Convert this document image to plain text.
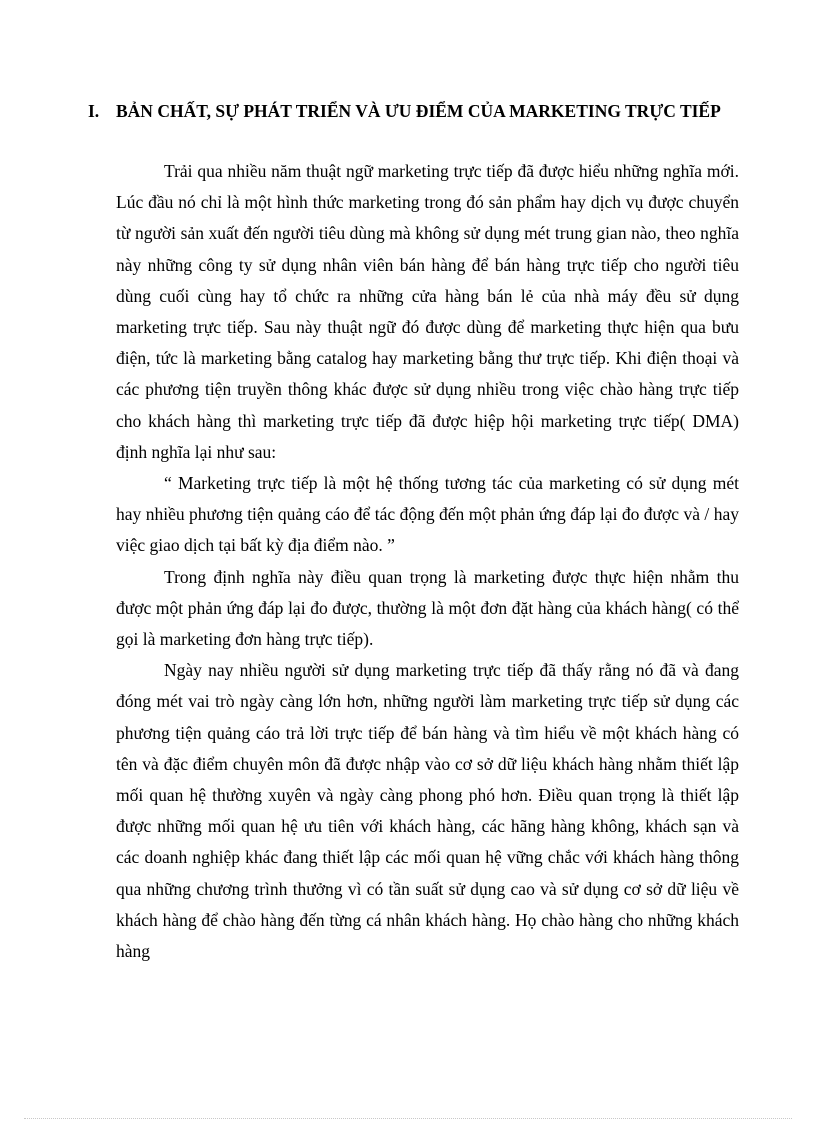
I. BẢN CHẤT, SỰ PHÁT TRIỂN VÀ ƯU ĐIỂM CỦA MARKETING TRỰC TIẾP

Trải qua nhiều năm thuật ngữ marketing trực tiếp đã được hiểu những nghĩa mới. Lúc đầu nó chỉ là một hình thức marketing trong đó sản phẩm hay dịch vụ được chuyển từ người sản xuất đến người tiêu dùng mà không sử dụng mét trung gian nào, theo nghĩa này những công ty sử dụng nhân viên bán hàng để bán hàng trực tiếp cho người tiêu dùng cuối cùng hay tổ chức ra những cửa hàng bán lẻ của nhà máy đều sử dụng marketing trực tiếp. Sau này thuật ngữ đó được dùng để marketing thực hiện qua bưu điện, tức là marketing bằng catalog hay marketing bằng thư trực tiếp. Khi điện thoại và các phương tiện truyền thông khác được sử dụng nhiều trong việc chào hàng trực tiếp cho khách hàng thì marketing trực tiếp đã được hiệp hội marketing trực tiếp( DMA) định nghĩa lại như sau:

“ Marketing trực tiếp là một hệ thống tương tác của marketing có sử dụng mét hay nhiều phương tiện quảng cáo để tác động đến một phản ứng đáp lại đo được và / hay việc giao dịch tại bất kỳ địa điểm nào. ”

Trong định nghĩa này điều quan trọng là marketing được thực hiện nhằm thu được một phản ứng đáp lại đo được, thường là một đơn đặt hàng của khách hàng( có thể gọi là marketing đơn hàng trực tiếp).

Ngày nay nhiều người sử dụng marketing trực tiếp đã thấy rằng nó đã và đang đóng mét vai trò ngày càng lớn hơn, những người làm marketing trực tiếp sử dụng các phương tiện quảng cáo trả lời trực tiếp để bán hàng và tìm hiểu về một khách hàng có tên và đặc điểm chuyên môn đã được nhập vào cơ sở dữ liệu khách hàng nhằm thiết lập mối quan hệ thường xuyên và ngày càng phong phó hơn. Điều quan trọng là thiết lập được những mối quan hệ ưu tiên với khách hàng, các hãng hàng không, khách sạn và các doanh nghiệp khác đang thiết lập các mối quan hệ vững chắc với khách hàng thông qua những chương trình thưởng vì có tần suất sử dụng cao và sử dụng cơ sở dữ liệu về khách hàng để chào hàng đến từng cá nhân khách hàng. Họ chào hàng cho những khách hàng
